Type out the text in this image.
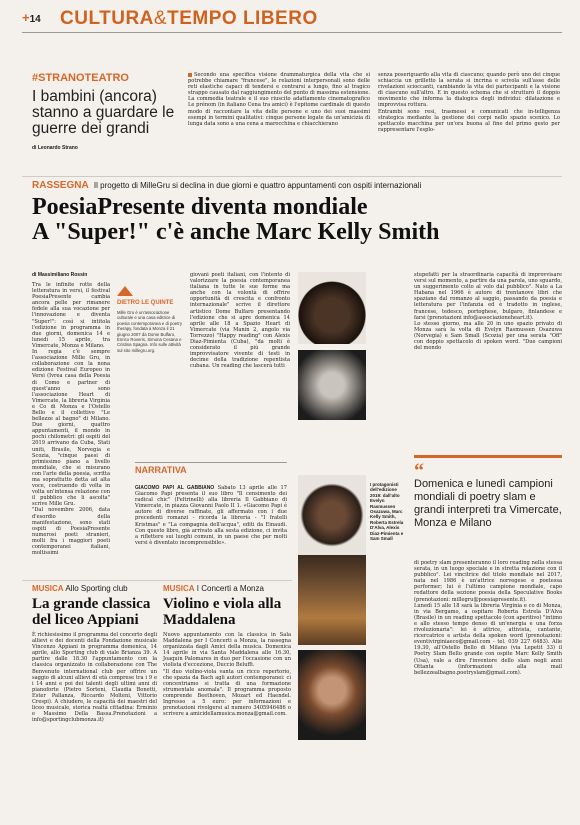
+14 CULTURA&TEMPO LIBERO
#STRANOTEATRO
I bambini (ancora) stanno a guardare le guerre dei grandi
di Leonardo Strano
Secondo una specifica visione drammaturgica della vita che si potrebbe chiamare "francese", le relazioni interpersonali sono delle reti elastiche capaci di tendersi e contrarsi a lungo, fino al tragico strappo causato dal raggiungimento del punto di massima estensione. La commedia teatrale e il suo riuscito adattamento cinematografico Le prénom (in italiano Cena tra amici) è l'epitome cardinale di questo modo di raccontare la vita delle persone e uno dei suoi massimi esempi in termini qualitativi: cinque persone legate da un'amicizia di lunga data sono a una cena a marocchina e chiacchierano
senza poseriguardo alla vita di ciascuno; quando però uno dei cinque schiaccia un grilletto la serata si incrina e scivola sull'asse delle rivelazioni scioccanti, cambiando la vita dei partecipanti e la visione di ciascuno sull'altro. E in questo schema che si strutturò il doppio movimento che informa la dialogica degli individui: dilatazione e improvvisa rottura.
Entrambi sono resi, trasmessi e comunicati che in-telligenza strategica mediante la gestione dei corpi nello spazio scenico. Lo spettacolo macchina per un'ora buona al fine del primo gesto per rappresentare l'esplo-
RASSEGNA Il progetto di MilleGru si declina in due giorni e quattro appuntamenti con ospiti internazionali
PoesiaPresente diventa mondiale
A "Super!" c'è anche Marc Kelly Smith
di Massimiliano Rossin
Tra le infinite rotte della letteratura in versi, il festival PoesiaPresente cambia ancora pelle per rimanere fedele alla sua vocazione per l'innovazione e diventa "Super!": così si intitola l'edizione in programma in due giorni, domenica 14 e lunedì 15 aprile, tra Vimercate, Monza e Milano.
In regia c'è sempre l'associazione Mille Gru, in collaborazione con la nona edizione Festival Europeo in Versi (Ivrea casa della Poesia di Como e partner di quest'anno sono l'associazione Heart di Vimercate, la libreria Virginia e Co di Monza e l'Ostello Bello e il collettivo "Le bellezze al bagno" di Milano. Due giorni, quattro appuntamenti, il mondo in pochi chilometri: gli ospiti del 2019 arrivano da Cuba, Stati uniti, Brasile, Norvegia e Scozia, "cinque paesi di primissimo piano a livello mondiale, che si misurano con l'arte della poesia, scritta ma soprattutto detta ad alta voce, costruendo di volta in volta un'intensa relazione con il pubblico che li ascolta" scrive Mille Gru.
"Dal novembre 2006, data d'esordio della manifestazione, sono stati ospiti di PoesiaPresente numerosi poeti stranieri, molti fra i maggiori poeti contemporanei italiani, moltissimi
DIETRO LE QUINTE
Mille Gru è un'associazione culturale e una casa editrice di poesia contemporanea e di poetry therapy, fondata a Monza il 21 giugno 2007 da Dome Bulfaro, Enrico Roveris, Simona Cesana e Cristina Spagna. Info sulle attività sul sito millegru.org.
giovani poeti italiani, con l'intento di valorizzare la poesia contemporanea italiana in tutte le sue forme ma anche con la volontà di offrire opportunità di crescita e confronto internazionale" scrive il direttore artistico Dome Bulfaro presentando l'edizione che si apre domenica 14 aprile alle 18 a Spazio Heart di Vimercate (via Manin 2, angolo via Torrezzo) "Happy reading" con Alexis Diaz-Pimienta (Cuba), "da molti è considerato il più grande improvvisatore vivente di testi in decime della tradizione repentista cubana. Un reading che lascerà tutti
I protagonisti dell'edizione 2019: dall'alto Evelyn Rasmussen Osazuwa, Marc Kelly Smith, Roberta Estrela D'Alva, Alexis Diaz-Pimienta e Sam Small
stupefatti per la straordinaria capacità di improvvisare versi sul momento, a partire da una parola, uno sguardo, un suggerimento colto al volo dal pubblico". Nato a La Habana nel 1966 è autore di trentanove libri che spaziano dal romanzo al saggio, passando da poesia e letteratura per l'infanzia ed è tradotto in inglese, francese, tedesco, portoghese, bulgaro, finlandese e farsi (prenotazioni info@associazioneheart.it).
Lo stesso giorno, ma alle 20 in uno spazio privato di Monza sarà la volta di Evelyn Rasmussen Osazuwa (Norvegia) e Sam Small (Scozia) per una serata "Off" con doppio spettacolo di spoken word. "Due campioni del mondo
“
Domenica e lunedì campioni mondiali di poetry slam e grandi interpreti tra Vimercate, Monza e Milano
di poetry slam presenteranno il loro reading nella stessa serata, in un luogo speciale e in stretta relazione con il pubblico". Lei vincitrice del titolo mondiale nel 2017, nata nel 1986 è un'attrice norvegese e poetessa performer; lui è l'ultimo campione mondiale, capo redattore della sezione poesia della Speculative Books (prenotazioni: millegru@poesiapresente.it).
Lunedì 15 alle 18 sarà la libreria Virginia e co di Monza, in via Bergamo, a ospitare Roberta Estrela D'Alva (Brasile) in un reading spettacolo (con aperitivo) "intimo e allo stesso tempo denso di un'energia e una forza rivoluzionaria": lei è attrice, attivista, cantante, ricercatrice e artista della spoken word (prenotazioni: eventivirginiaeco@gmail.com - tel. 039 227 6483). Alle 19.30, all'Ostello Bello di Milano (via Lepetit 33) il Poetry Slam Bello grande con ospite Marc Kelly Smith (Usa), vale a dire l'inventore dello slam negli anni Ottanta (informazioni alla mail bellezzealbagno.poetryslam@gmail.com).
NARRATIVA
GIACOMO PAPI AL GABBIANO Sabato 13 aprile alle 17 Giacomo Papi presenta il suo libro "Il censimento dei radical chic" (Feltrinelli) alla libreria Il Gabbiano di Vimercate, in piazza Giovanni Paolo II 1. «Giacomo Papi è autore di diverse raffinate, gli affermato con i due precedenti romanzi - ricorda la libreria - "I fratelli Kristmas" e "La compagnia dell'acqua", editi da Einaudi. Con questo libro, già arrivato alla sesta edizione, ci invita a riflettere sui luoghi comuni, in un paese che per molti versi è diventato incomprensibile».
MUSICA Allo Sporting club
La grande classica del liceo Appiani
È richiesissimo il programma del concerto degli allievi e dei docenti della Fondazione musicale Vincenzo Appiani in programma domenica, 14 aprile, allo Sporting club di viale Brianza 39. A partire dalle 18.30 l'appuntamento con la classica organizzato in collaborazione con The Benvenuto international club per offrire un saggio di alcuni allievi di età comprese tra i 9 e i 14 anni e poi dei talenti degli ultimi anni di pianoforte (Pietro Sorteni, Claudia Bonetti, Ester Pallanza, Riccardo Molteni, Vittorio Crespi). A chiudere, le capacità dei maestri del liceo musicale, storica realtà cittadina: Erminio e Massimo Della Bassa.Prenotazioni a info@sportingclubmonza.it)
MUSICA I Concerti a Monza
Violino e viola alla Maddalena
Nuovo appuntamento con la classica in Sala Maddalena per I Concerti a Monza, la rassegna organizzata dagli Amici della musica. Domenica 14 aprile in via Santa Maddalena alle 16.30, Joaquin Palomares in duo per l'occasione con un violista d'eccezione, Duccio Beluffi.
"Il duo violino-viola vanta un ricco repertorio, che spazia da Bach agli autori contemporanei: ci concentriamo si tratta di una formazione strumentale anomala". Il programma proposto comprende Beethoven, Mozart ed Haendel. Ingresso a 5 euro: per informazioni e prenotazioni rivolgersi al numero 3405946486 o scrivere a amicidellamusica.monza@gmail.com.
